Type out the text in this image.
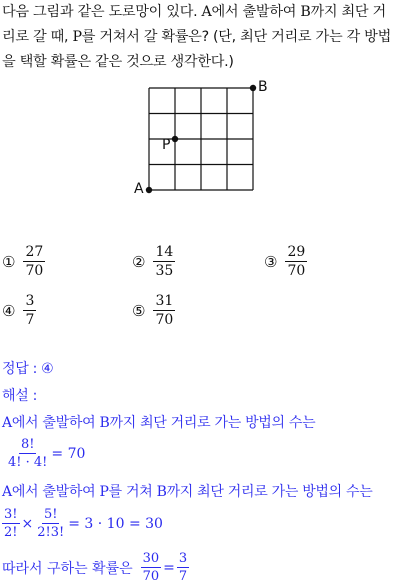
다음 그림과 같은 도로망이 있다. A에서 출발하여 B까지 최단 거
리로 갈 때, P를 거쳐서 갈 확률은? (단, 최단 거리로 가는 각 방법
을 택할 확률은 같은 것으로 생각한다.)
A
B
P
① $\frac{27}{70}$	② $\frac{14}{35}$	③ $\frac{29}{70}$
④ $\frac{3}{7}$	⑤ $\frac{31}{70}$
정답 : ④
해설 :
A에서 출발하여 B까지 최단 거리로 가는 방법의 수는
$\frac{8!}{4! \cdot 4!} = 70$
A에서 출발하여 P를 거쳐 B까지 최단 거리로 가는 방법의 수는
$\frac{3!}{2!} \times \frac{5!}{2!3!} = 3 \cdot 10 = 30$
따라서 구하는 확률은 $\frac{30}{70} = \frac{3}{7}$
